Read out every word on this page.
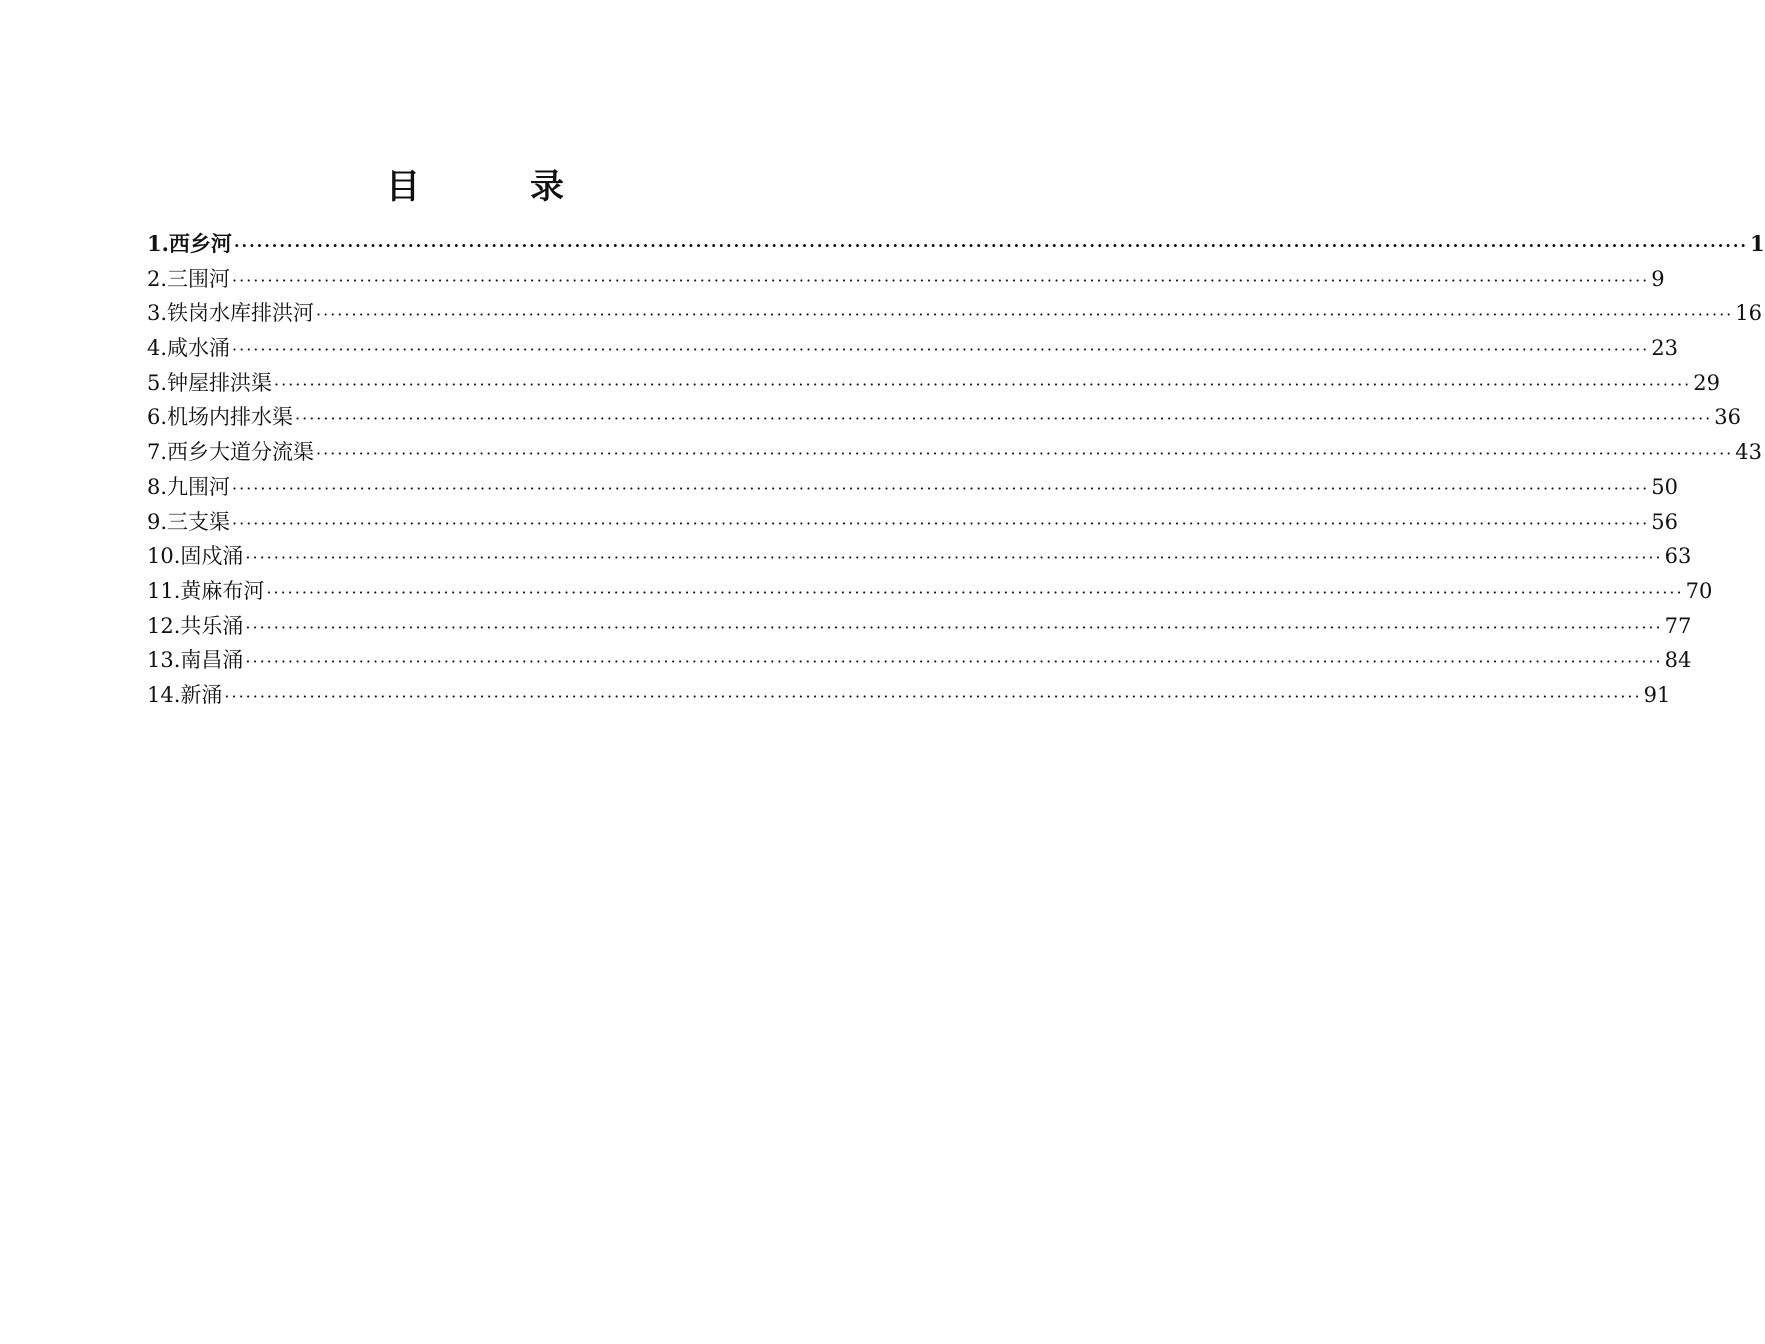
目　录
1.西乡河 ········································································································································································································ 1
2.三围河 ········································································································································································································ 9
3.铁岗水库排洪河 ········································································································································································································ 16
4.咸水涌 ········································································································································································································ 23
5.钟屋排洪渠 ········································································································································································································ 29
6.机场内排水渠 ········································································································································································································ 36
7.西乡大道分流渠 ········································································································································································································ 43
8.九围河 ········································································································································································································ 50
9.三支渠 ········································································································································································································ 56
10.固戍涌 ········································································································································································································ 63
11.黄麻布河 ········································································································································································································ 70
12.共乐涌 ········································································································································································································ 77
13.南昌涌 ········································································································································································································ 84
14.新涌 ········································································································································································································ 91
